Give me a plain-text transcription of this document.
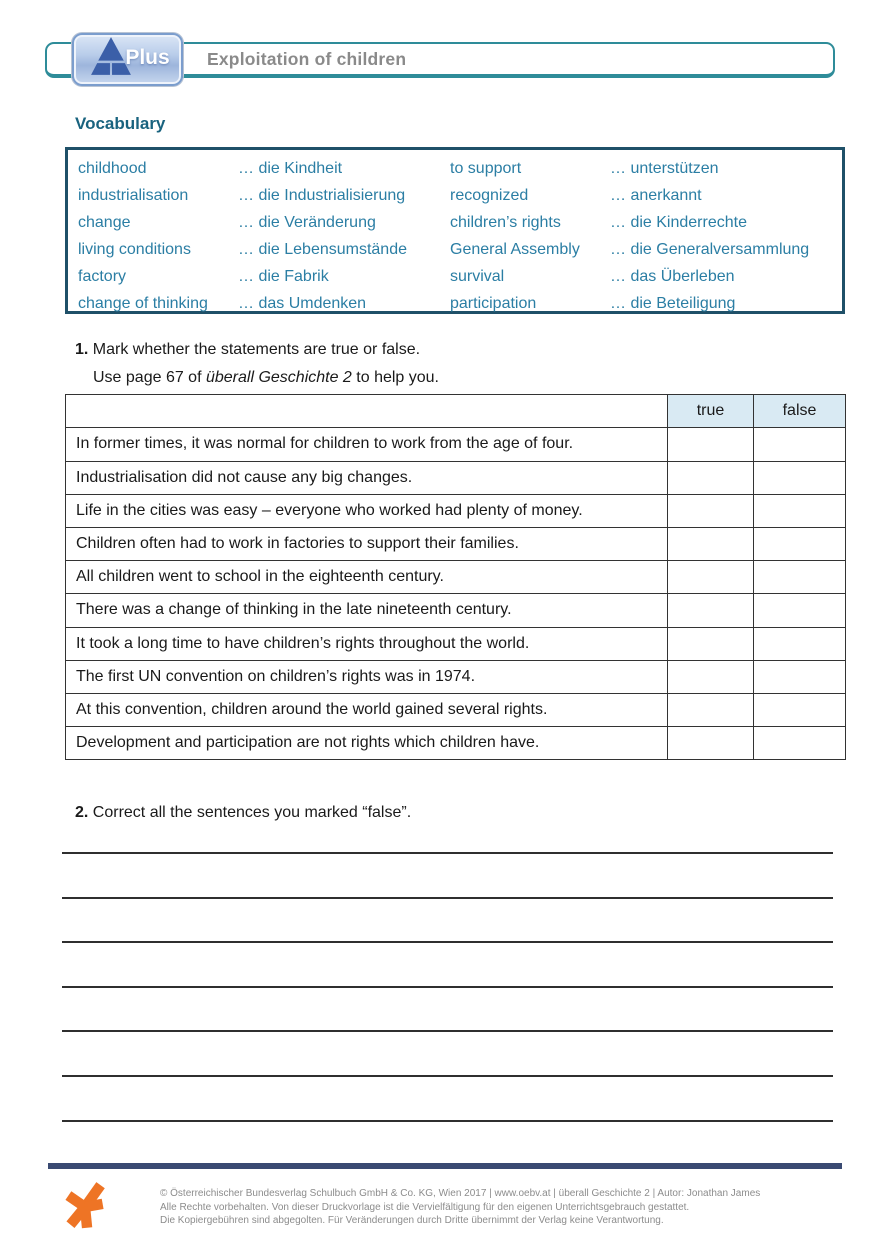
Exploitation of children
Plus
Vocabulary
childhood	… die Kindheit	to support	… unterstützen
industrialisation	… die Industrialisierung	recognized	… anerkannt
change	… die Veränderung	children’s rights	… die Kinderrechte
living conditions	… die Lebensumstände	General Assembly	… die Generalversammlung
factory	… die Fabrik	survival	… das Überleben
change of thinking	… das Umdenken	participation	… die Beteiligung
1. Mark whether the statements are true or false.
Use page 67 of überall Geschichte 2 to help you.
	true	false
In former times, it was normal for children to work from the age of four.		
Industrialisation did not cause any big changes.		
Life in the cities was easy – everyone who worked had plenty of money.		
Children often had to work in factories to support their families.		
All children went to school in the eighteenth century.		
There was a change of thinking in the late nineteenth century.		
It took a long time to have children’s rights throughout the world.		
The first UN convention on children’s rights was in 1974.		
At this convention, children around the world gained several rights.		
Development and participation are not rights which children have.		
2. Correct all the sentences you marked “false”.
© Österreichischer Bundesverlag Schulbuch GmbH & Co. KG, Wien 2017 | www.oebv.at | überall Geschichte 2 | Autor: Jonathan James
Alle Rechte vorbehalten. Von dieser Druckvorlage ist die Vervielfältigung für den eigenen Unterrichtsgebrauch gestattet.
Die Kopiergebühren sind abgegolten. Für Veränderungen durch Dritte übernimmt der Verlag keine Verantwortung.
